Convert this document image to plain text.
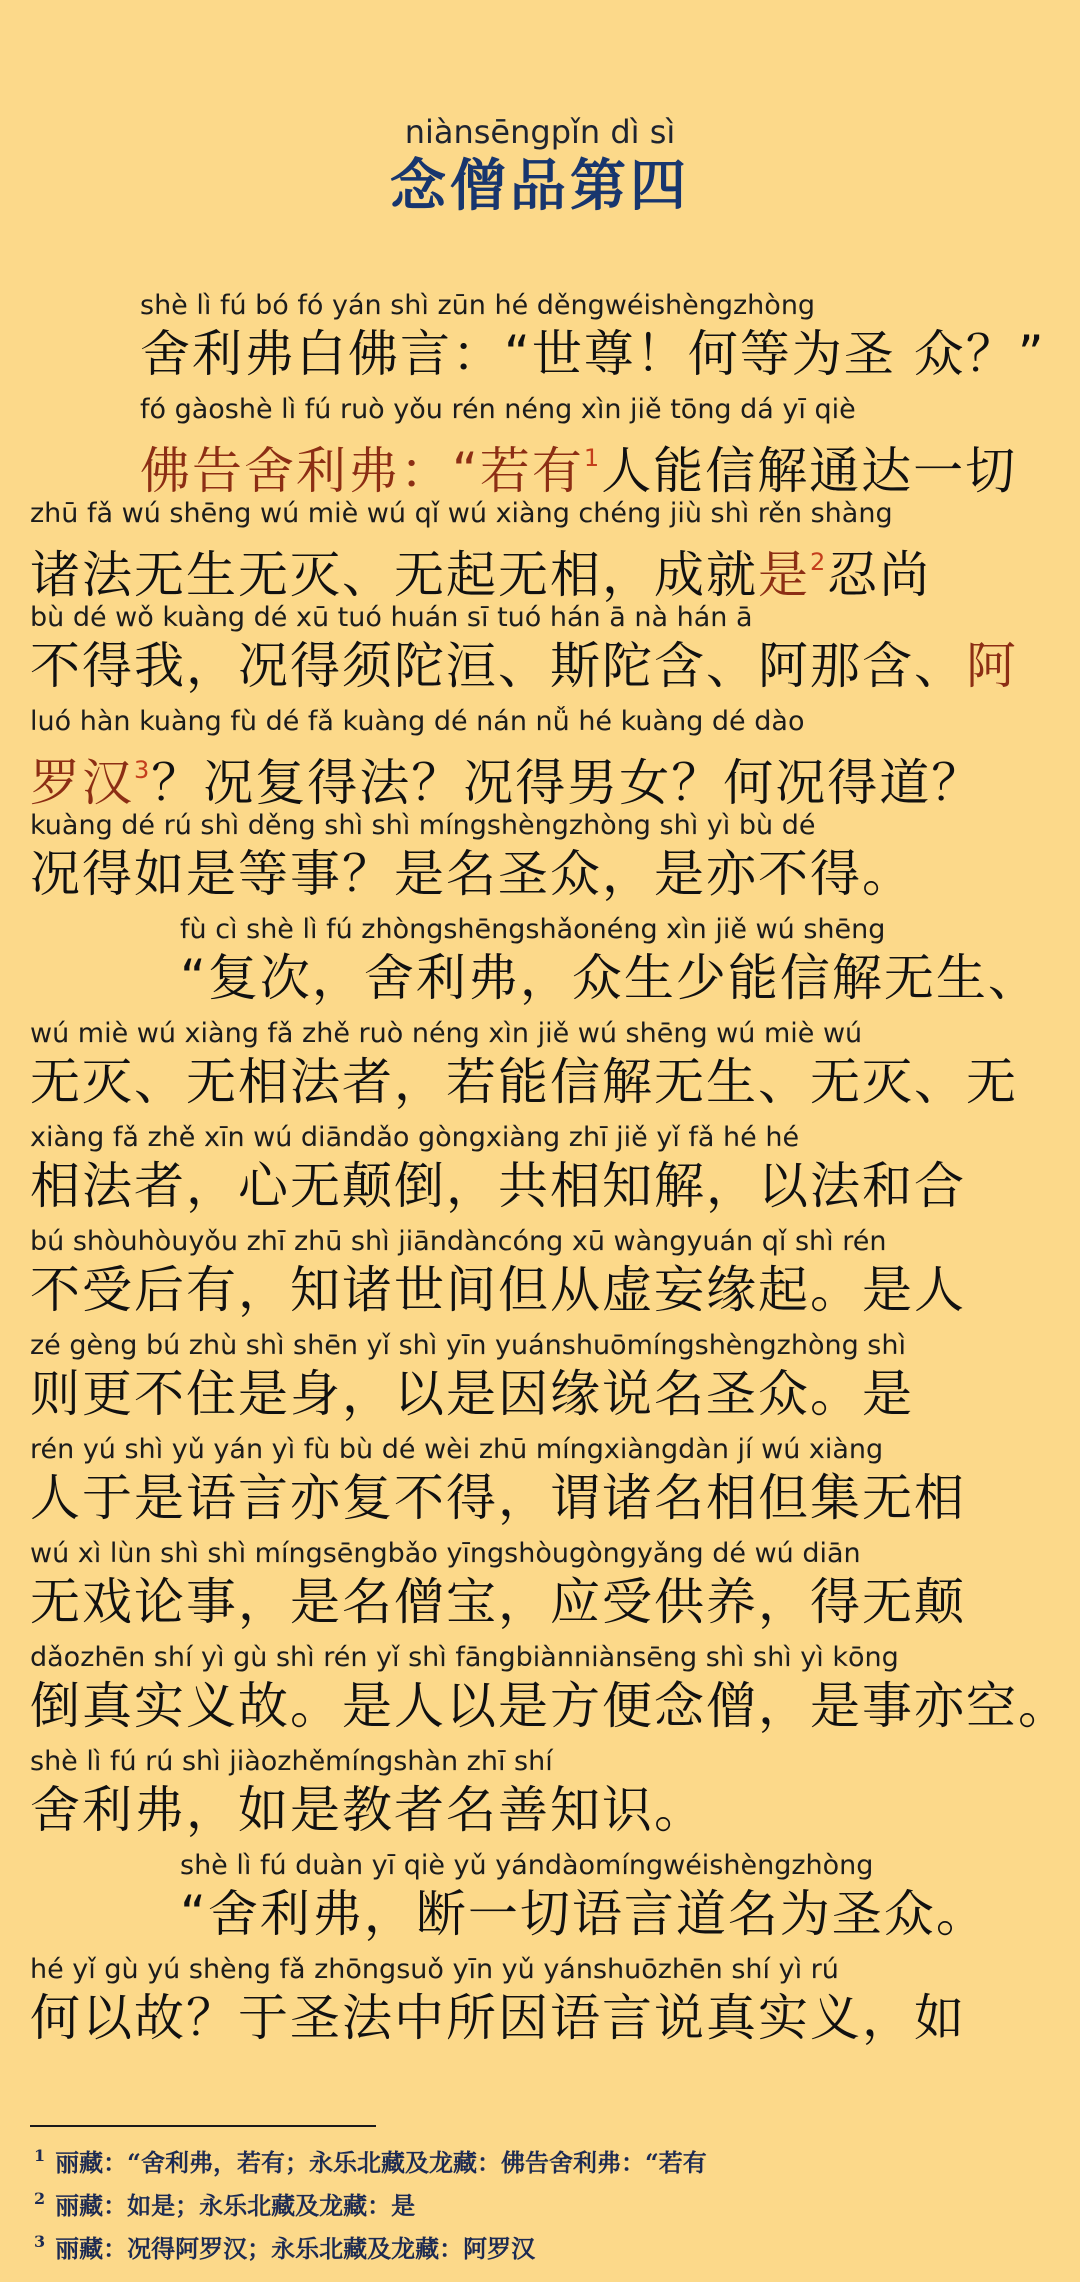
niànsēngpǐn dì sì
念僧品第四
shè lì fú bó fó yán shì zūn hé děngwéishèngzhòng
舍利弗白佛言：“世尊！何等为圣 众？”
fó gàoshè lì fú ruò yǒu rén néng xìn jiě tōng dá yī qiè
佛告舍利弗：“若有$^1$人能信解通达一切
zhū fǎ wú shēng wú miè wú qǐ wú xiàng chéng jiù shì rěn shàng
诸法无生无灭、无起无相，成就是$^2$忍尚
bù dé wǒ kuàng dé xū tuó huán sī tuó hán ā nà hán ā
不得我，况得须陀洹、斯陀含、阿那含、阿
luó hàn kuàng fù dé fǎ kuàng dé nán nǚ hé kuàng dé dào
罗汉$^3$？况复得法？况得男女？何况得道？
kuàng dé rú shì děng shì shì míngshèngzhòng shì yì bù dé
况得如是等事？是名圣众，是亦不得。
fù cì shè lì fú zhòngshēngshǎonéng xìn jiě wú shēng
“复次，舍利弗，众生少能信解无生、
wú miè wú xiàng fǎ zhě ruò néng xìn jiě wú shēng wú miè wú
无灭、无相法者，若能信解无生、无灭、无
xiàng fǎ zhě xīn wú diāndǎo gòngxiàng zhī jiě yǐ fǎ hé hé
相法者，心无颠倒，共相知解，以法和合
bú shòuhòuyǒu zhī zhū shì jiāndàncóng xū wàngyuán qǐ shì rén
不受后有，知诸世间但从虚妄缘起。是人
zé gèng bú zhù shì shēn yǐ shì yīn yuánshuōmíngshèngzhòng shì
则更不住是身，以是因缘说名圣众。是
rén yú shì yǔ yán yì fù bù dé wèi zhū míngxiàngdàn jí wú xiàng
人于是语言亦复不得，谓诸名相但集无相
wú xì lùn shì shì míngsēngbǎo yīngshòugòngyǎng dé wú diān
无戏论事，是名僧宝，应受供养，得无颠
dǎozhēn shí yì gù shì rén yǐ shì fāngbiànniànsēng shì shì yì kōng
倒真实义故。是人以是方便念僧，是事亦空。
shè lì fú rú shì jiàozhěmíngshàn zhī shí
舍利弗，如是教者名善知识。
shè lì fú duàn yī qiè yǔ yándàomíngwéishèngzhòng
“舍利弗，断一切语言道名为圣众。
hé yǐ gù yú shèng fǎ zhōngsuǒ yīn yǔ yánshuōzhēn shí yì rú
何以故？于圣法中所因语言说真实义，如
$^1$ 丽藏：“舍利弗，若有；永乐北藏及龙藏：佛告舍利弗：“若有
$^2$ 丽藏：如是；永乐北藏及龙藏：是
$^3$ 丽藏：况得阿罗汉；永乐北藏及龙藏：阿罗汉
